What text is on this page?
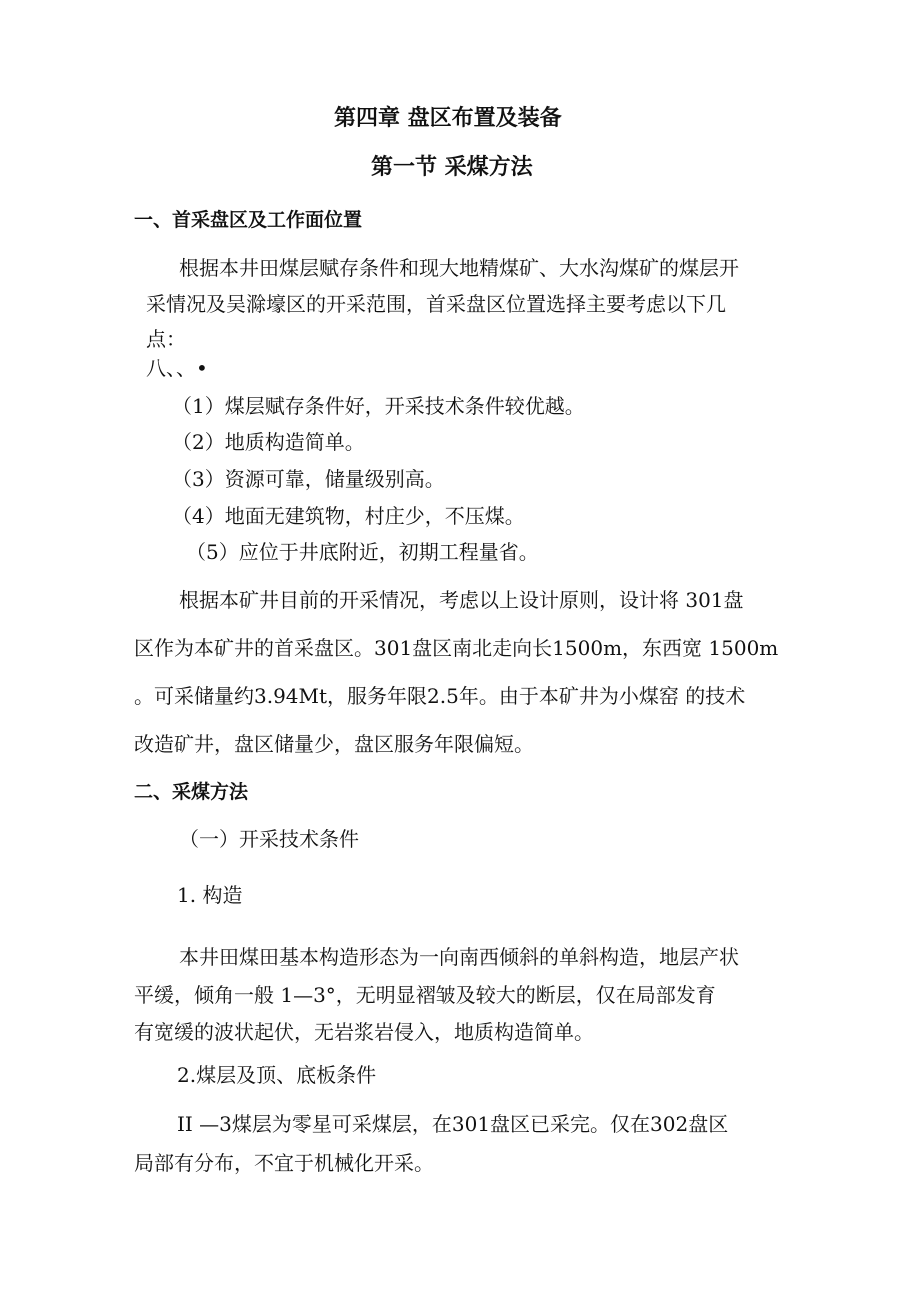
第四章 盘区布置及装备
第一节 采煤方法
一、首采盘区及工作面位置
根据本井田煤层赋存条件和现大地精煤矿、大水沟煤矿的煤层开
采情况及吴滁壕区的开采范围，首采盘区位置选择主要考虑以下几
点：
八、、•
（1）煤层赋存条件好，开采技术条件较优越。
（2）地质构造简单。
（3）资源可靠，储量级别高。
（4）地面无建筑物，村庄少，不压煤。
（5）应位于井底附近，初期工程量省。
根据本矿井目前的开采情况，考虑以上设计原则，设计将 301盘
区作为本矿井的首采盘区。301盘区南北走向长1500m，东西宽 1500m
。可采储量约3.94Mt，服务年限2.5年。由于本矿井为小煤窑 的技术
改造矿井，盘区储量少，盘区服务年限偏短。
二、采煤方法
（一）开采技术条件
1. 构造
本井田煤田基本构造形态为一向南西倾斜的单斜构造，地层产状
平缓，倾角一般 1—3°，无明显褶皱及较大的断层，仅在局部发育
有宽缓的波状起伏，无岩浆岩侵入，地质构造简单。
2.煤层及顶、底板条件
II —3煤层为零星可采煤层，在301盘区已采完。仅在302盘区
局部有分布，不宜于机械化开采。
